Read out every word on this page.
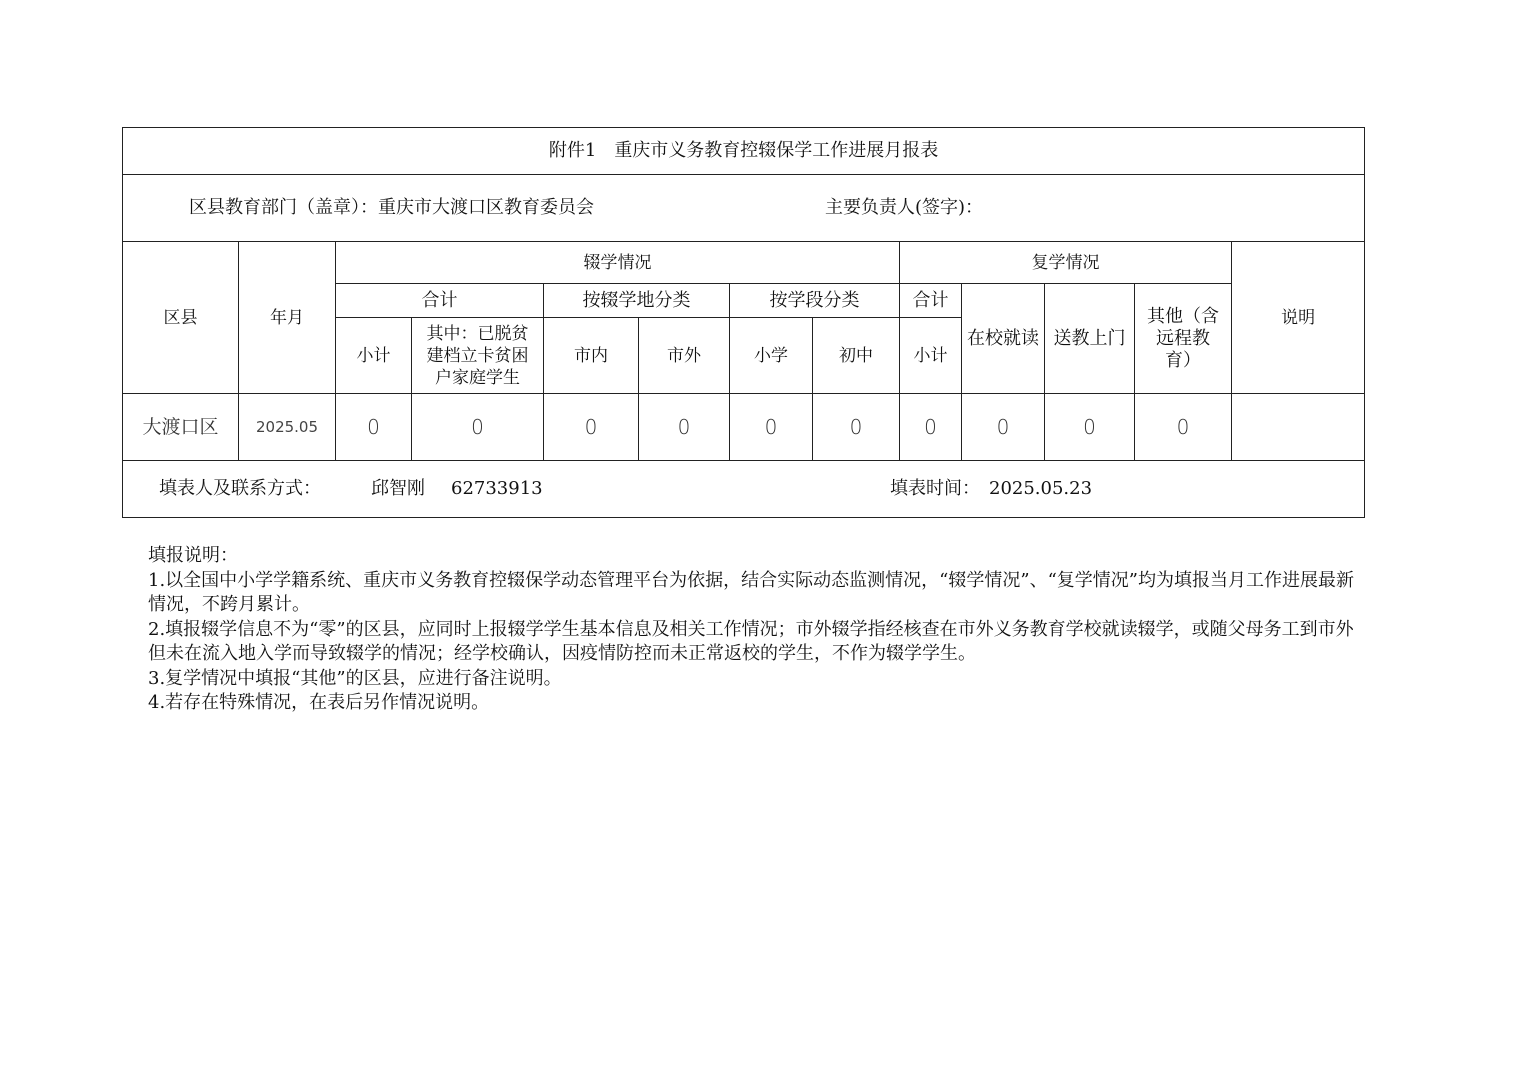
附件1 重庆市义务教育控辍保学工作进展月报表												

区县教育部门（盖章）：重庆市大渡口区教育委员会 主要负责人(签字)：												

区县	年月	辍学情况						复学情况				说明
		合计		按辍学地分类		按学段分类		合计	在校就读	送教上门	其他（含远程教育）	
		小计	其中：已脱贫建档立卡贫困户家庭学生	市内	市外	小学	初中	小计				
大渡口区	2025.05	0	0	0	0	0	0	0	0	0	0	

填表人及联系方式： 邱智刚 62733913 填表时间： 2025.05.23												

填报说明：

1.以全国中小学学籍系统、重庆市义务教育控辍保学动态管理平台为依据，结合实际动态监测情况，“辍学情况”、“复学情况”均为填报当月工作进展最新情况，不跨月累计。

2.填报辍学信息不为“零”的区县，应同时上报辍学学生基本信息及相关工作情况；市外辍学指经核查在市外义务教育学校就读辍学，或随父母务工到市外但未在流入地入学而导致辍学的情况；经学校确认，因疫情防控而未正常返校的学生，不作为辍学学生。

3.复学情况中填报“其他”的区县，应进行备注说明。

4.若存在特殊情况，在表后另作情况说明。
